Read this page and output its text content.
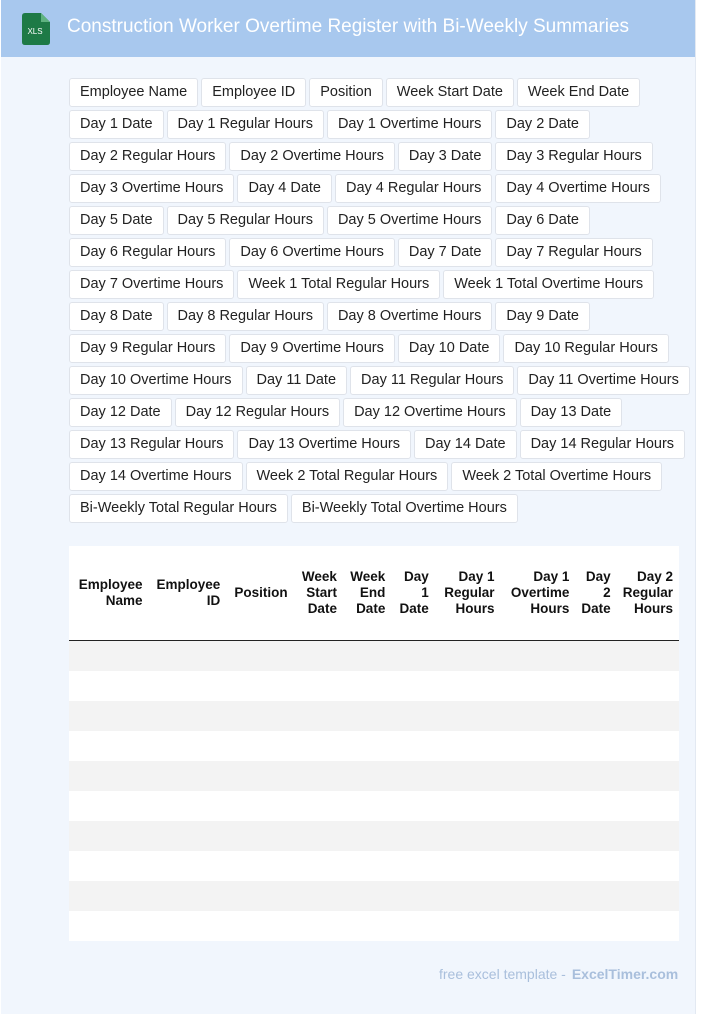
XLS Construction Worker Overtime Register with Bi-Weekly Summaries
Employee Name	Employee ID	Position	Week Start Date	Week End Date
Day 1 Date	Day 1 Regular Hours	Day 1 Overtime Hours	Day 2 Date
Day 2 Regular Hours	Day 2 Overtime Hours	Day 3 Date	Day 3 Regular Hours
Day 3 Overtime Hours	Day 4 Date	Day 4 Regular Hours	Day 4 Overtime Hours
Day 5 Date	Day 5 Regular Hours	Day 5 Overtime Hours	Day 6 Date
Day 6 Regular Hours	Day 6 Overtime Hours	Day 7 Date	Day 7 Regular Hours
Day 7 Overtime Hours	Week 1 Total Regular Hours	Week 1 Total Overtime Hours
Day 8 Date	Day 8 Regular Hours	Day 8 Overtime Hours	Day 9 Date
Day 9 Regular Hours	Day 9 Overtime Hours	Day 10 Date	Day 10 Regular Hours
Day 10 Overtime Hours	Day 11 Date	Day 11 Regular Hours	Day 11 Overtime Hours
Day 12 Date	Day 12 Regular Hours	Day 12 Overtime Hours	Day 13 Date
Day 13 Regular Hours	Day 13 Overtime Hours	Day 14 Date	Day 14 Regular Hours
Day 14 Overtime Hours	Week 2 Total Regular Hours	Week 2 Total Overtime Hours
Bi-Weekly Total Regular Hours	Bi-Weekly Total Overtime Hours
Employee Name	Employee ID	Position	Week Start Date	Week End Date	Day 1 Date	Day 1 Regular Hours	Day 1 Overtime Hours	Day 2 Date	Day 2 Regular Hours

free excel template - ExcelTimer.com
